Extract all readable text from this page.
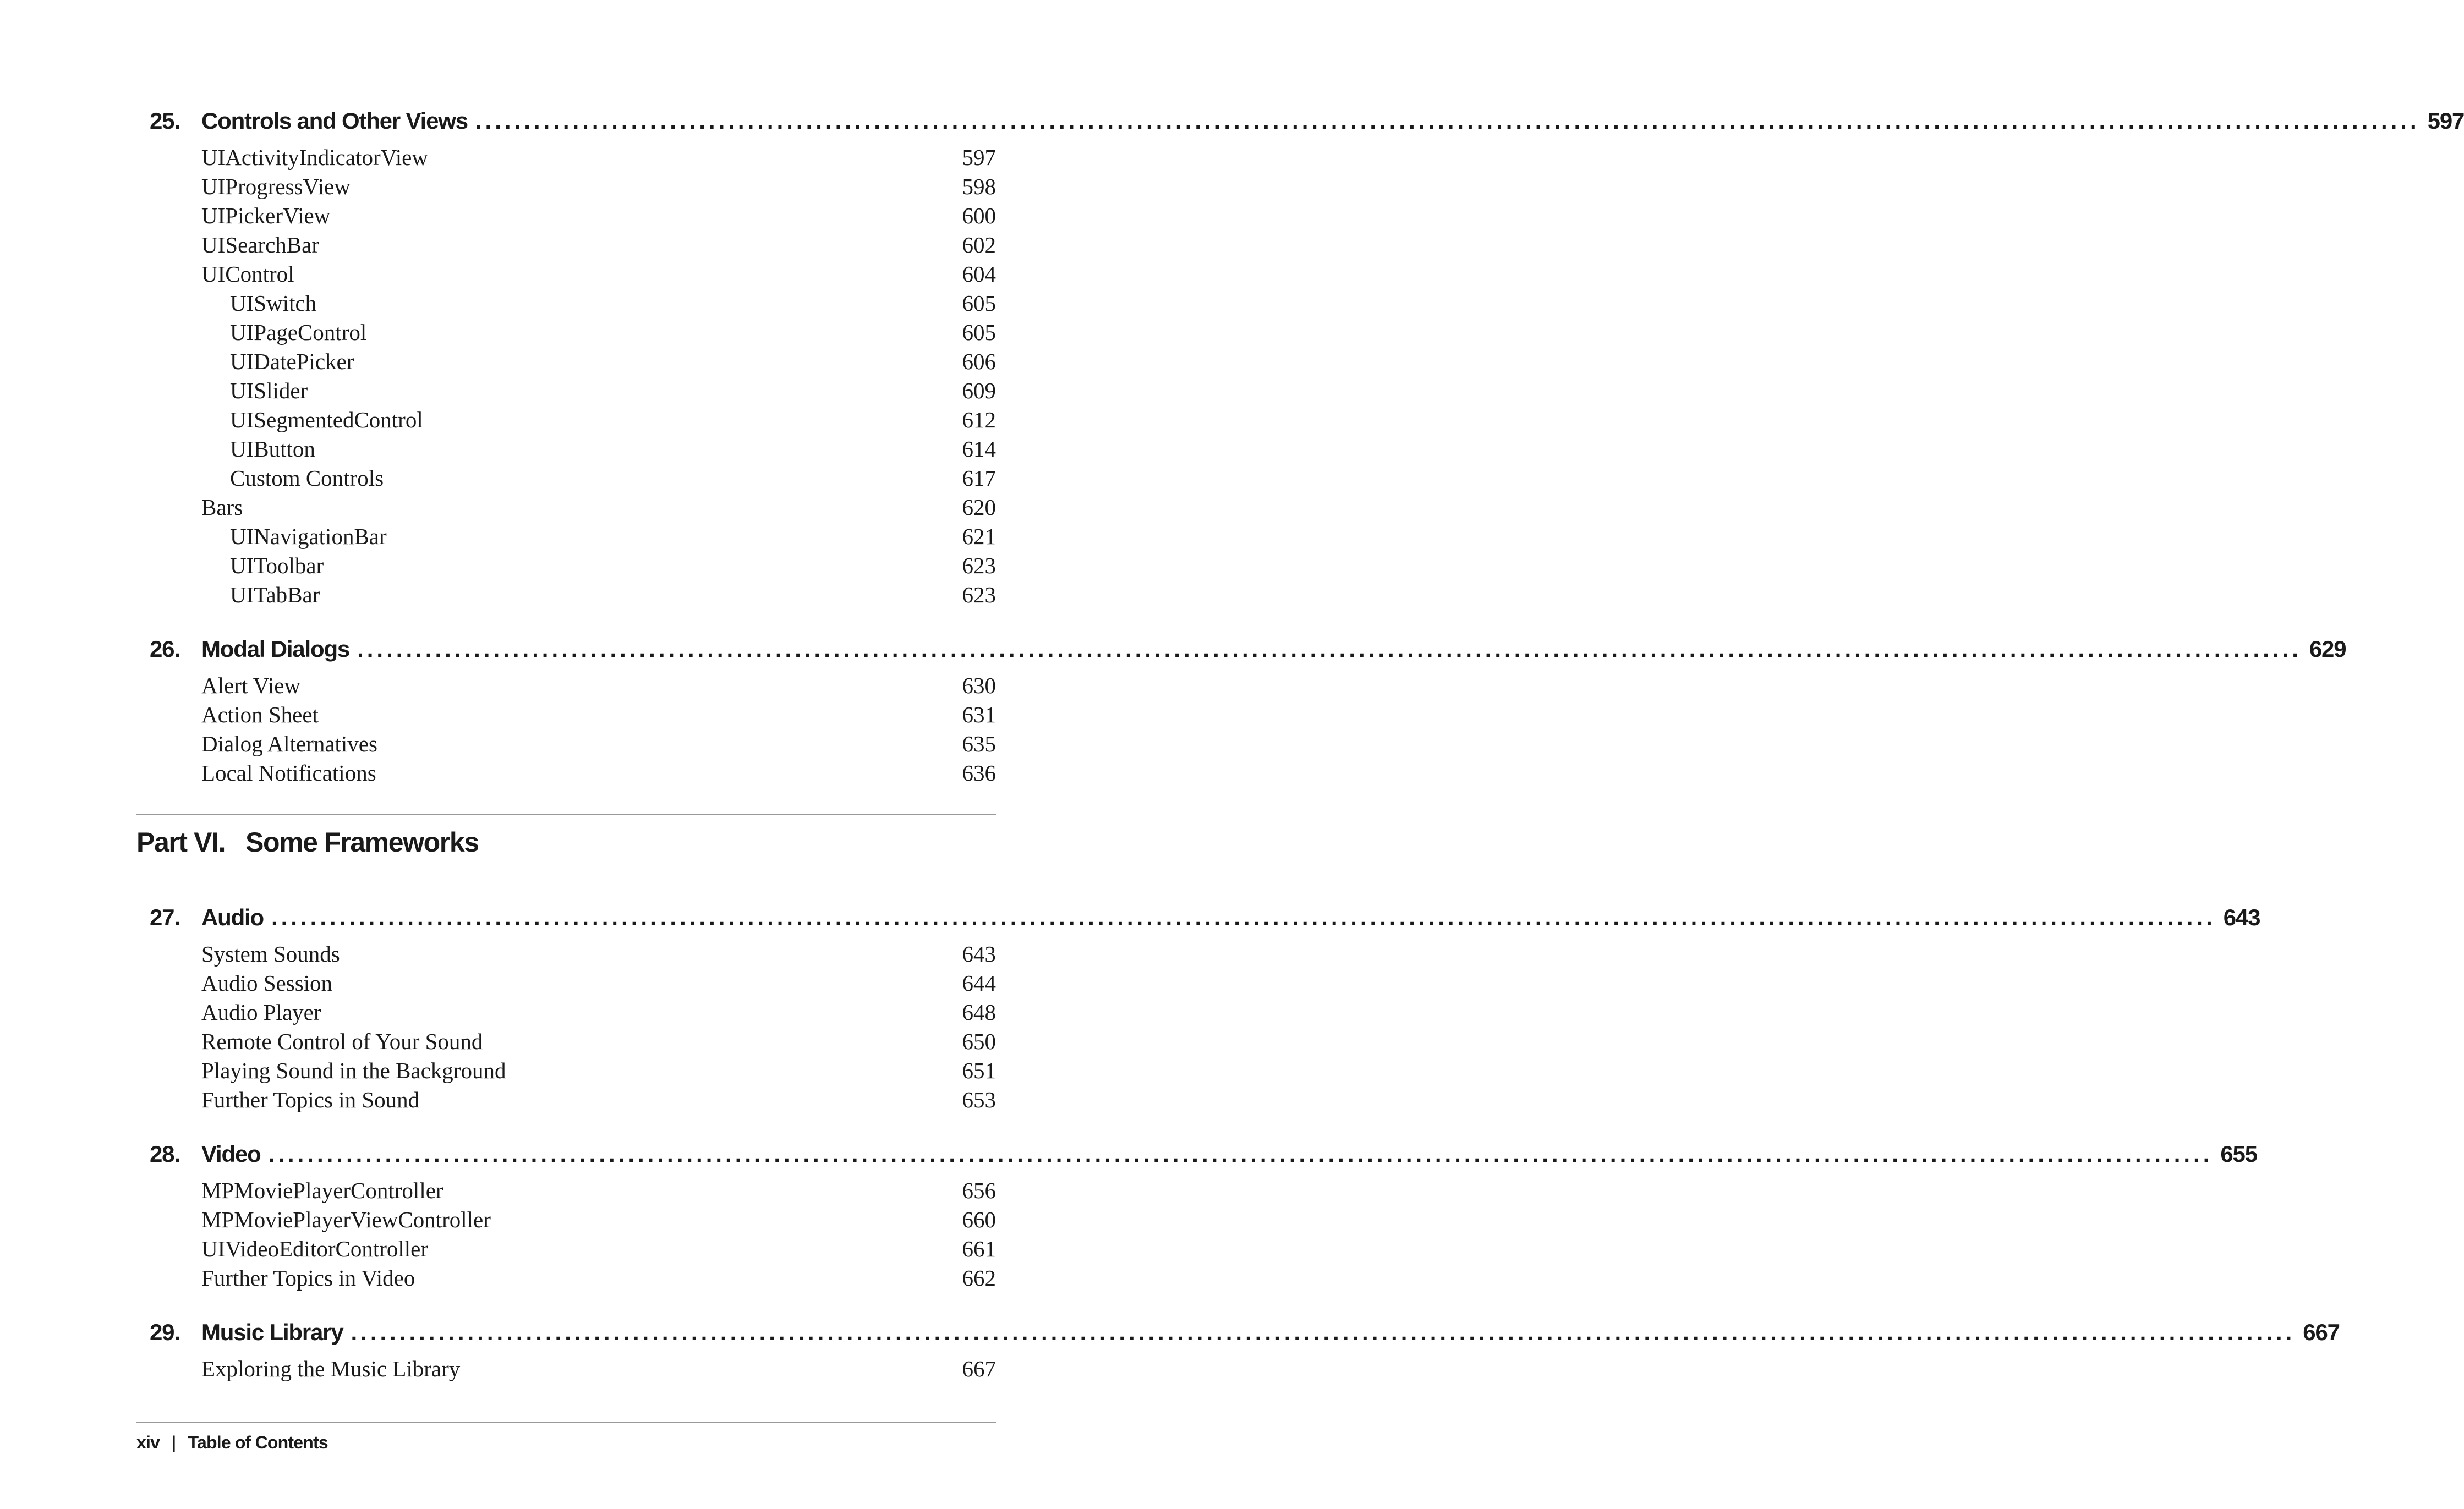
25. Controls and Other Views ........................................................................................................................................................................................................ 597
UIActivityIndicatorView	597
UIProgressView	598
UIPickerView	600
UISearchBar	602
UIControl	604
UISwitch	605
UIPageControl	605
UIDatePicker	606
UISlider	609
UISegmentedControl	612
UIButton	614
Custom Controls	617
Bars	620
UINavigationBar	621
UIToolbar	623
UITabBar	623
26. Modal Dialogs ........................................................................................................................................................................................................ 629
Alert View	630
Action Sheet	631
Dialog Alternatives	635
Local Notifications	636
Part VI. Some Frameworks
27. Audio ........................................................................................................................................................................................................ 643
System Sounds	643
Audio Session	644
Audio Player	648
Remote Control of Your Sound	650
Playing Sound in the Background	651
Further Topics in Sound	653
28. Video ........................................................................................................................................................................................................ 655
MPMoviePlayerController	656
MPMoviePlayerViewController	660
UIVideoEditorController	661
Further Topics in Video	662
29. Music Library ........................................................................................................................................................................................................ 667
Exploring the Music Library	667
xiv | Table of Contents
